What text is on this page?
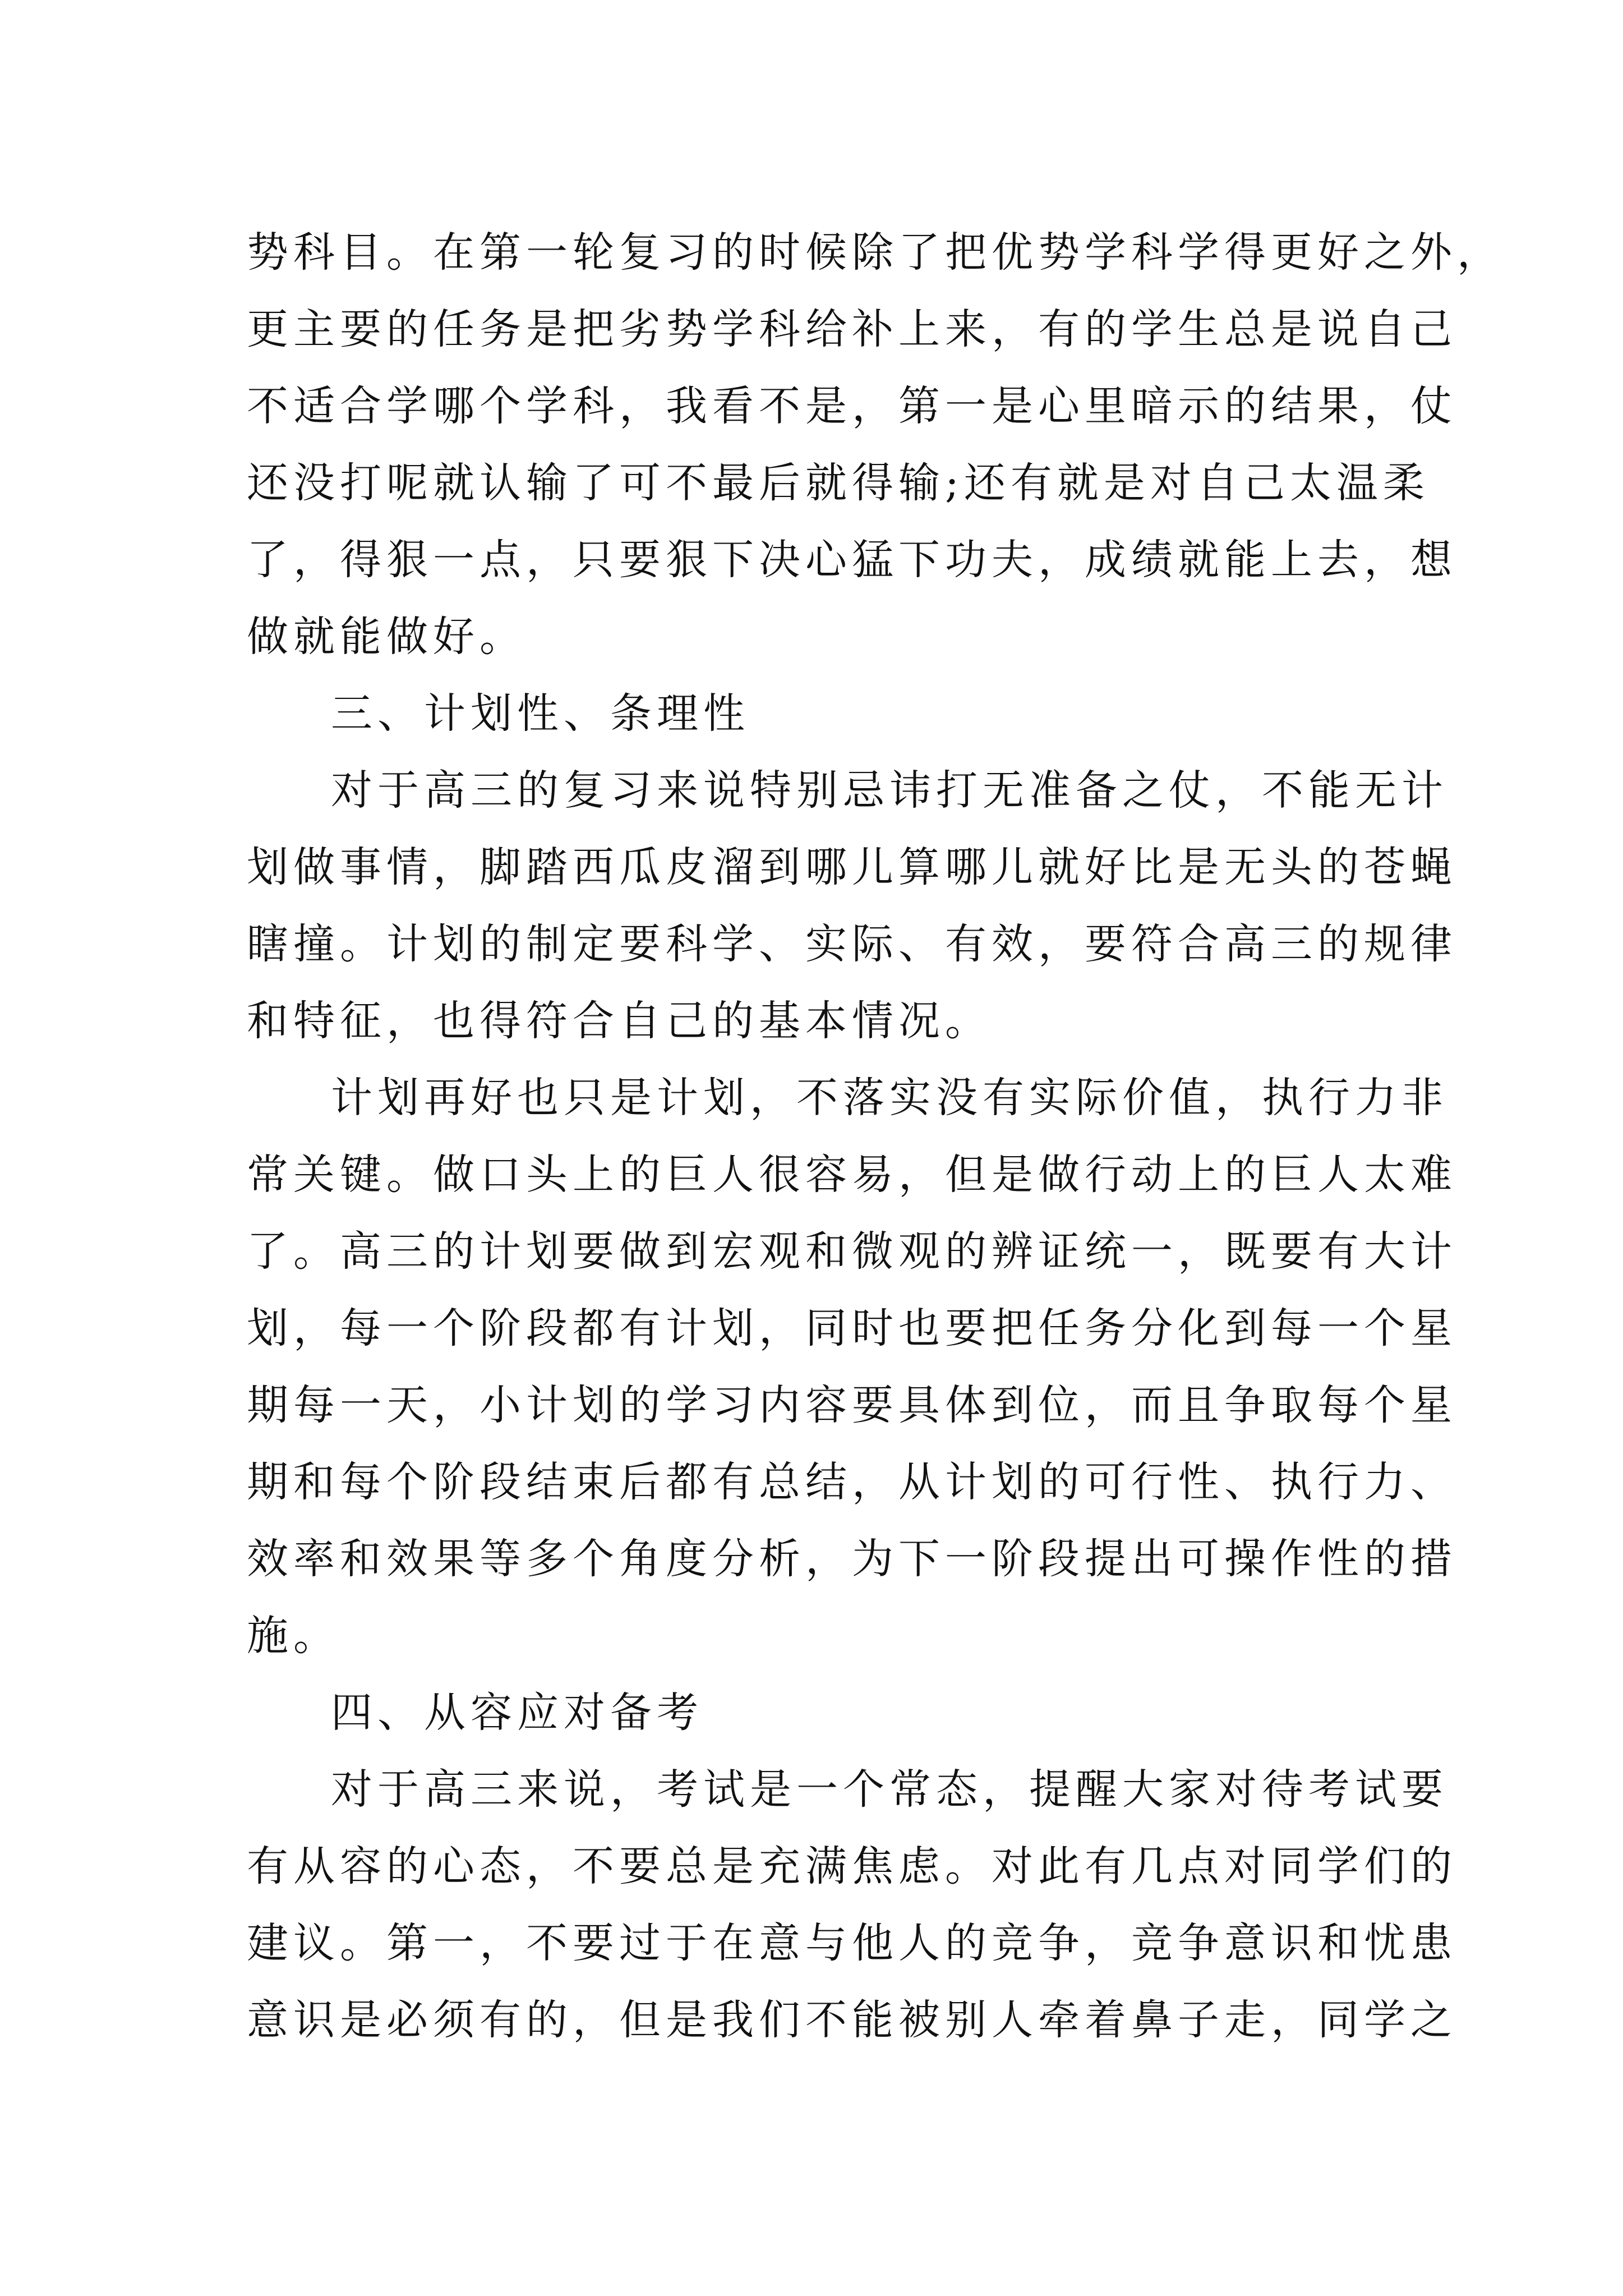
势科目。在第一轮复习的时候除了把优势学科学得更好之外，
更主要的任务是把劣势学科给补上来，有的学生总是说自己
不适合学哪个学科，我看不是，第一是心里暗示的结果，仗
还没打呢就认输了可不最后就得输;还有就是对自己太温柔
了，得狠一点，只要狠下决心猛下功夫，成绩就能上去，想
做就能做好。
三、计划性、条理性
对于高三的复习来说特别忌讳打无准备之仗，不能无计
划做事情，脚踏西瓜皮溜到哪儿算哪儿就好比是无头的苍蝇
瞎撞。计划的制定要科学、实际、有效，要符合高三的规律
和特征，也得符合自己的基本情况。
计划再好也只是计划，不落实没有实际价值，执行力非
常关键。做口头上的巨人很容易，但是做行动上的巨人太难
了。高三的计划要做到宏观和微观的辨证统一，既要有大计
划，每一个阶段都有计划，同时也要把任务分化到每一个星
期每一天，小计划的学习内容要具体到位，而且争取每个星
期和每个阶段结束后都有总结，从计划的可行性、执行力、
效率和效果等多个角度分析，为下一阶段提出可操作性的措
施。
四、从容应对备考
对于高三来说，考试是一个常态，提醒大家对待考试要
有从容的心态，不要总是充满焦虑。对此有几点对同学们的
建议。第一，不要过于在意与他人的竞争，竞争意识和忧患
意识是必须有的，但是我们不能被别人牵着鼻子走，同学之
